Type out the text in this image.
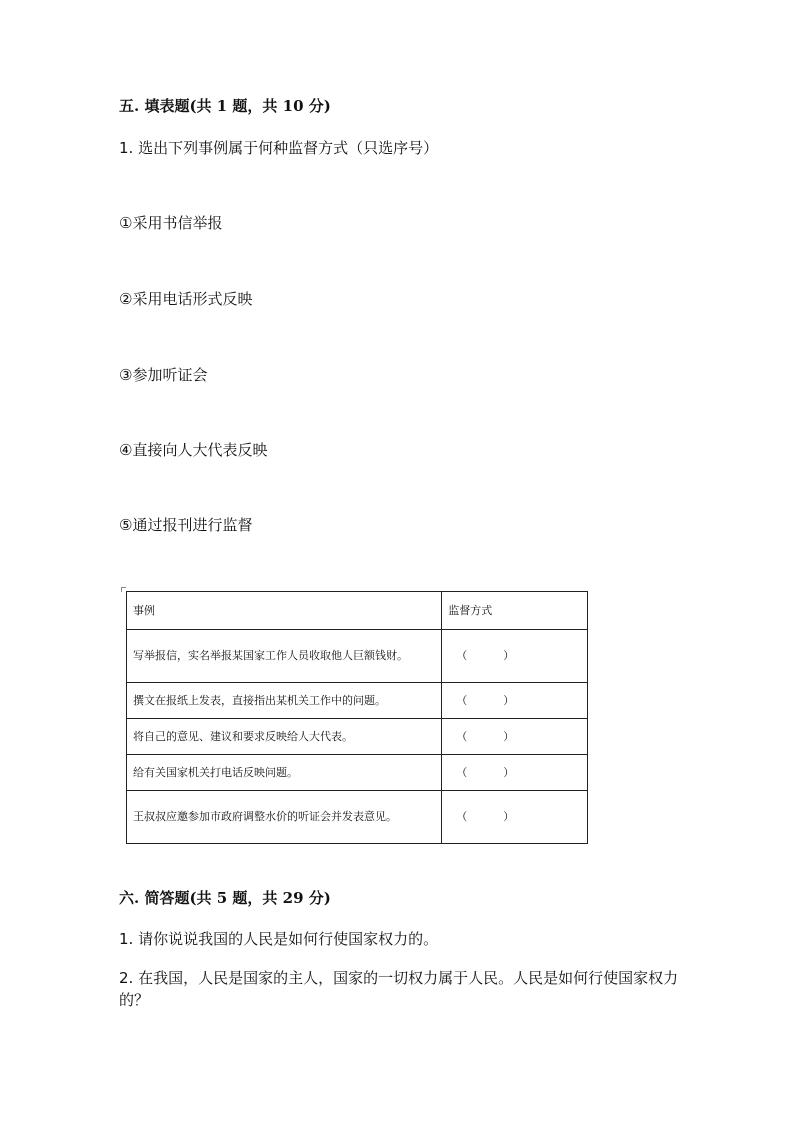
五. 填表题(共 1 题，共 10 分)
1. 选出下列事例属于何种监督方式（只选序号）
①采用书信举报
②采用电话形式反映
③参加听证会
④直接向人大代表反映
⑤通过报刊进行监督
事例	监督方式
写举报信，实名举报某国家工作人员收取他人巨额钱财。	（ ）
撰文在报纸上发表，直接指出某机关工作中的问题。	（ ）
将自己的意见、建议和要求反映给人大代表。	（ ）
给有关国家机关打电话反映问题。	（ ）
王叔叔应邀参加市政府调整水价的听证会并发表意见。	（ ）
六. 简答题(共 5 题，共 29 分)
1. 请你说说我国的人民是如何行使国家权力的。
2. 在我国，人民是国家的主人，国家的一切权力属于人民。人民是如何行使国家权力的？
